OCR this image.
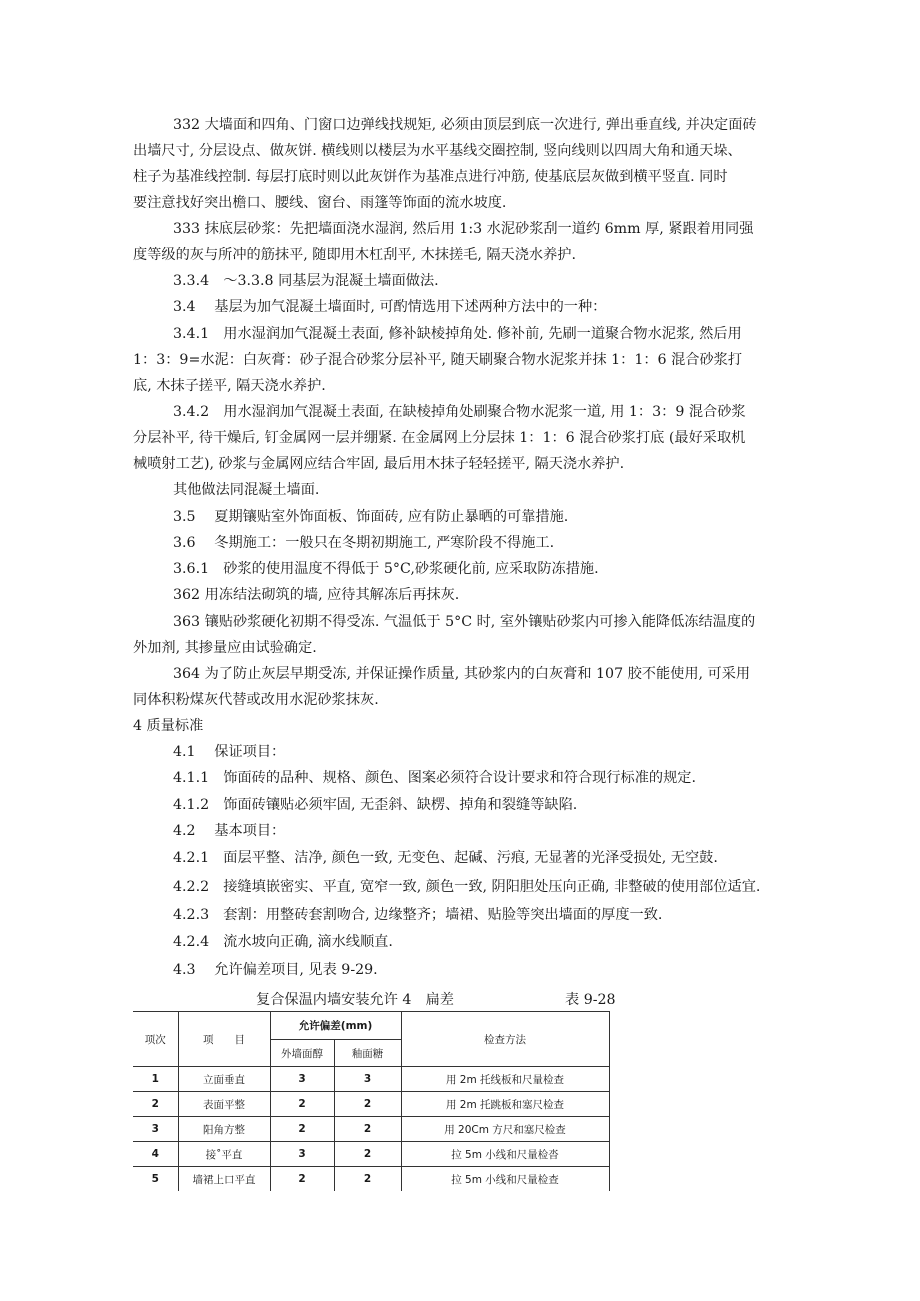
332 大墙面和四角、门窗口边弹线找规矩, 必须由顶层到底一次进行, 弹出垂直线, 并决定面砖
出墙尺寸, 分层设点、做灰饼. 横线则以楼层为水平基线交圈控制, 竖向线则以四周大角和通天垛、
柱子为基准线控制. 每层打底时则以此灰饼作为基准点进行冲筋, 使基底层灰做到横平竖直. 同时
要注意找好突出檐口、腰线、窗台、雨篷等饰面的流水坡度.
333 抹底层砂浆：先把墙面浇水湿润, 然后用 1:3 水泥砂浆刮一道约 6mm 厚, 紧跟着用同强
度等级的灰与所冲的筋抹平, 随即用木杠刮平, 木抹搓毛, 隔天浇水养护.
3.3.4　～3.3.8 同基层为混凝土墙面做法.
3.4　 基层为加气混凝土墙面时, 可酌情选用下述两种方法中的一种：
3.4.1　用水湿润加气混凝土表面, 修补缺棱掉角处. 修补前, 先刷一道聚合物水泥浆, 然后用
1：3：9=水泥：白灰膏：砂子混合砂浆分层补平, 随天刷聚合物水泥浆并抹 1：1：6 混合砂浆打
底, 木抹子搓平, 隔天浇水养护.
3.4.2　用水湿润加气混凝土表面, 在缺棱掉角处刷聚合物水泥浆一道, 用 1：3：9 混合砂浆
分层补平, 待干燥后, 钉金属网一层并绷紧. 在金属网上分层抹 1：1：6 混合砂浆打底 (最好采取机
械喷射工艺), 砂浆与金属网应结合牢固, 最后用木抹子轻轻搓平, 隔天浇水养护.
其他做法同混凝土墙面.
3.5　 夏期镶贴室外饰面板、饰面砖, 应有防止暴晒的可靠措施.
3.6　 冬期施工：一般只在冬期初期施工, 严寒阶段不得施工.
3.6.1　砂浆的使用温度不得低于 5°C,砂浆硬化前, 应采取防冻措施.
362 用冻结法砌筑的墙, 应待其解冻后再抹灰.
363 镶贴砂浆硬化初期不得受冻. 气温低于 5°C 时, 室外镶贴砂浆内可掺入能降低冻结温度的
外加剂, 其掺量应由试验确定.
364 为了防止灰层早期受冻, 并保证操作质量, 其砂浆内的白灰膏和 107 胶不能使用, 可采用
同体积粉煤灰代替或改用水泥砂浆抹灰.
4 质量标准
4.1　 保证项目：
4.1.1　饰面砖的品种、规格、颜色、图案必须符合设计要求和符合现行标准的规定.
4.1.2　饰面砖镶贴必须牢固, 无歪斜、缺楞、掉角和裂缝等缺陷.
4.2　 基本项目：
4.2.1　面层平整、洁净, 颜色一致, 无变色、起碱、污痕, 无显著的光泽受损处, 无空鼓.
4.2.2　接缝填嵌密实、平直, 宽窄一致, 颜色一致, 阴阳胆处压向正确, 非整破的使用部位适宜.
4.2.3　套割：用整砖套割吻合, 边缘整齐；墙裙、贴脸等突出墙面的厚度一致.
4.2.4　流水坡向正确, 滴水线顺直.
4.3　 允许偏差项目, 见表 9-29.
复合保温内墙安装允许 4　扁差	表 9-28
项次	项　　目	允许偏差(mm)		检查方法
		外墙面醇	釉面糖	
1	立面垂直	3	3	用 2m 托线板和尺量检查
2	表面平整	2	2	用 2m 托跳板和塞尺检查
3	阳角方整	2	2	用 20Cm 方尺和塞尺检查
4	接˚平直	3	2	拉 5m 小线和尺量检沓
5	墙裙上口平直	2	2	拉 5m 小线和尺量检查
